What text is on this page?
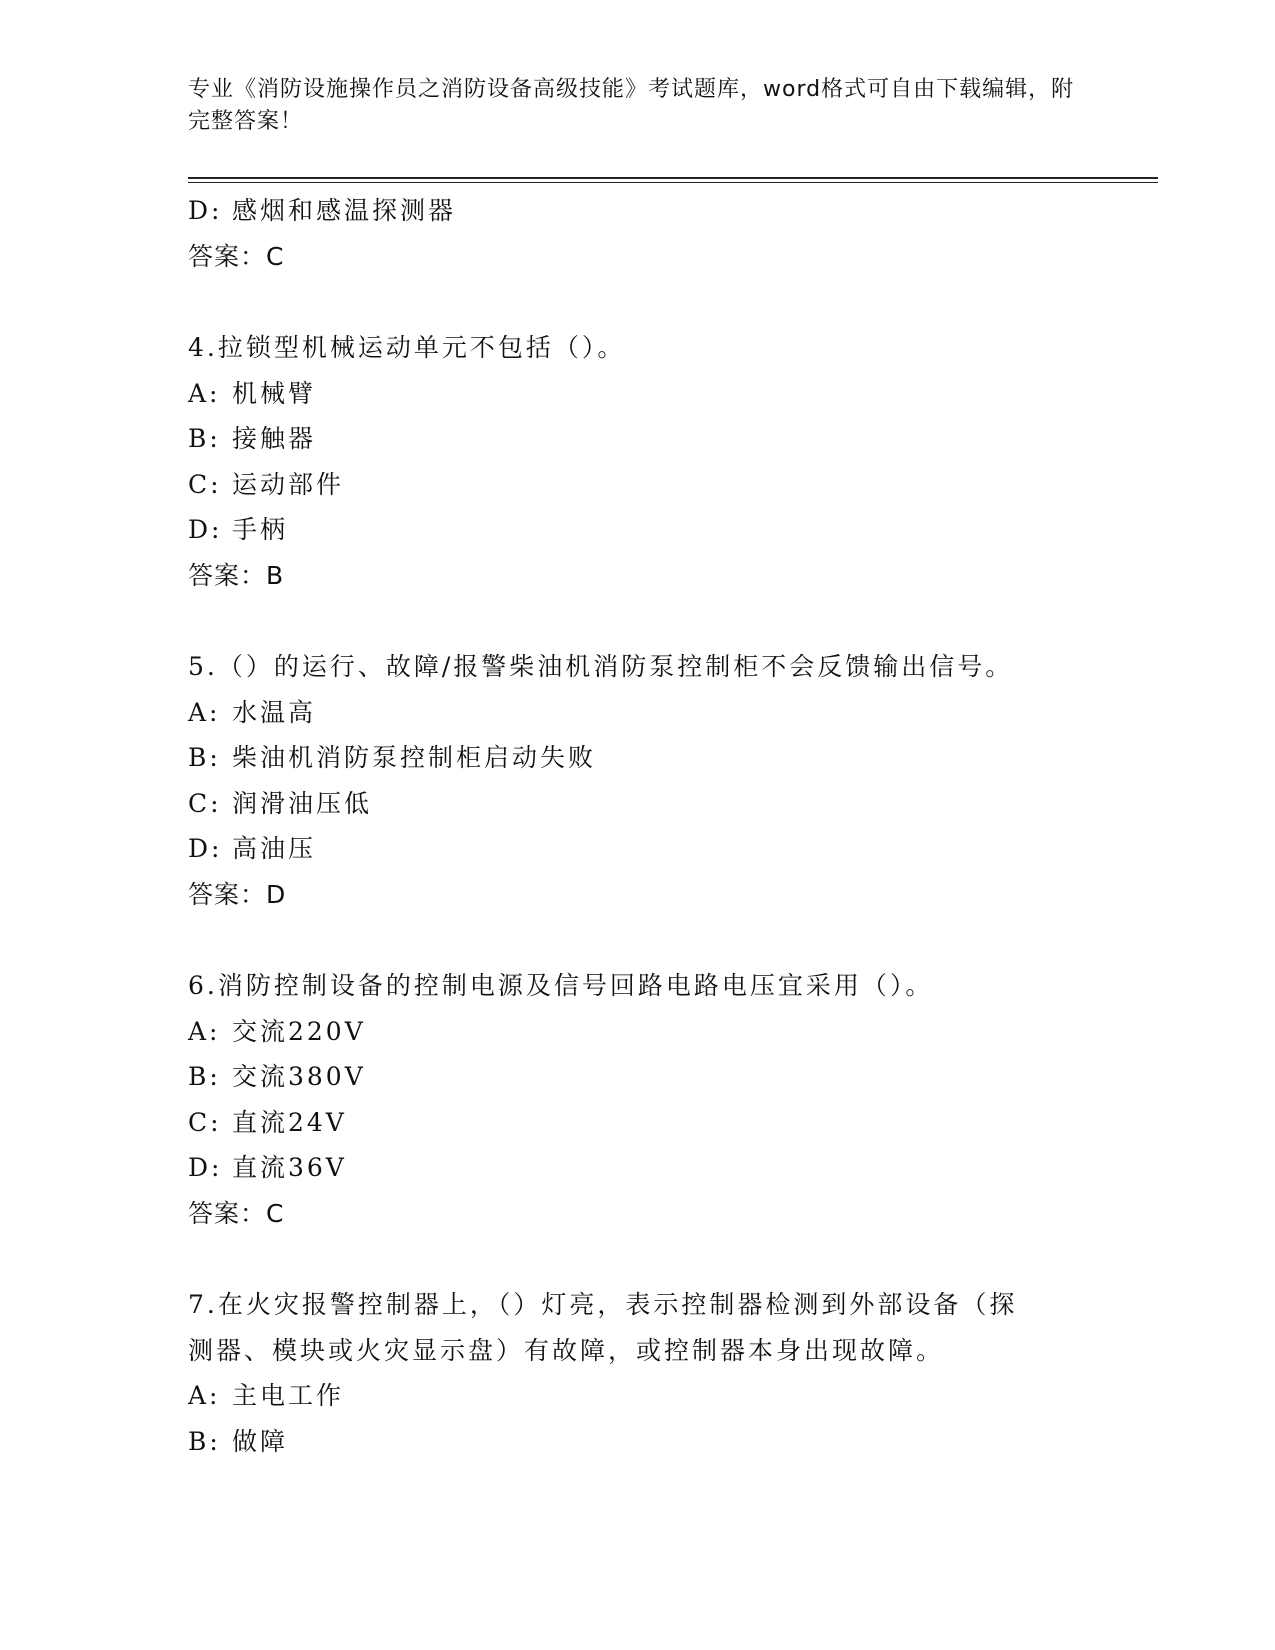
专业《消防设施操作员之消防设备高级技能》考试题库，word格式可自由下载编辑，附完整答案！
D: 感烟和感温探测器
答案：C
4.拉锁型机械运动单元不包括（）。
A: 机械臂
B: 接触器
C: 运动部件
D: 手柄
答案：B
5.（）的运行、故障/报警柴油机消防泵控制柜不会反馈输出信号。
A: 水温高
B: 柴油机消防泵控制柜启动失败
C: 润滑油压低
D: 高油压
答案：D
6.消防控制设备的控制电源及信号回路电路电压宜采用（）。
A: 交流220V
B: 交流380V
C: 直流24V
D: 直流36V
答案：C
7.在火灾报警控制器上，（）灯亮，表示控制器检测到外部设备（探
测器、模块或火灾显示盘）有故障，或控制器本身出现故障。
A: 主电工作
B: 做障
